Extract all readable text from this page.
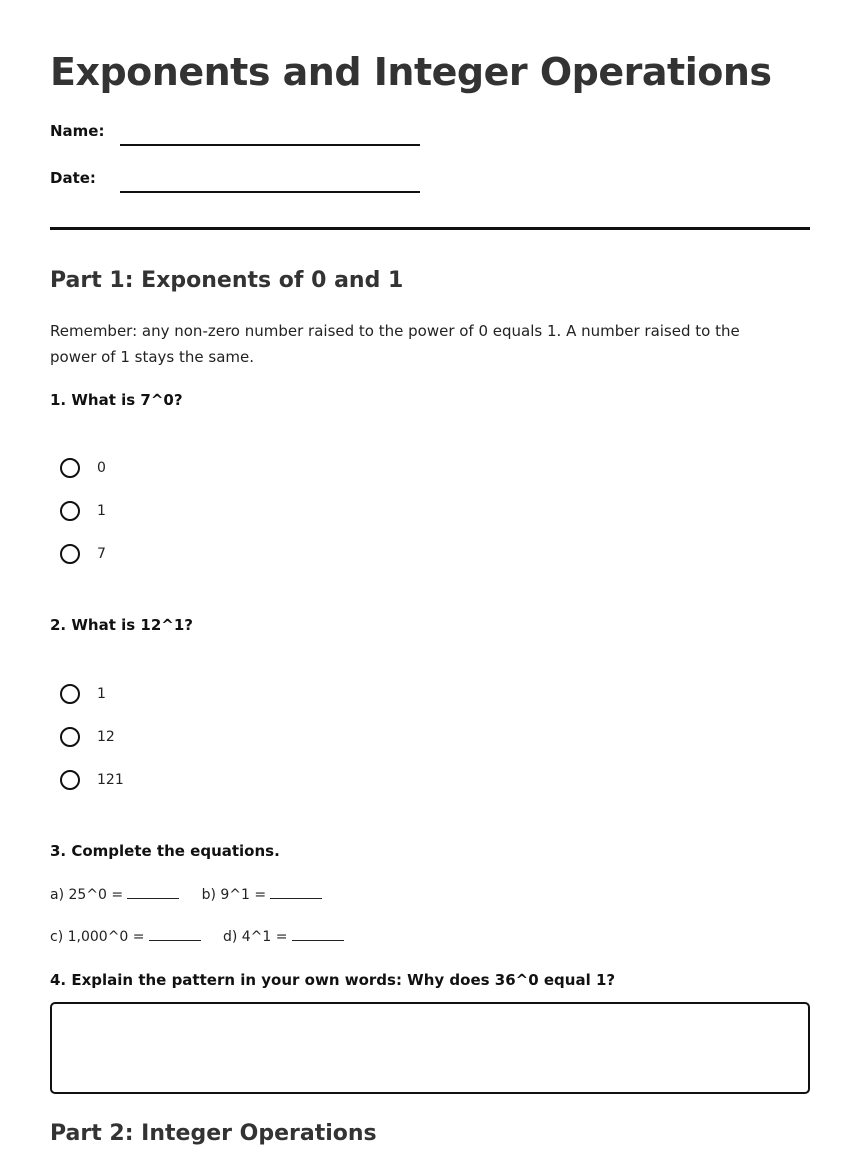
Exponents and Integer Operations
Name:
Date:
Part 1: Exponents of 0 and 1

Remember: any non-zero number raised to the power of 0 equals 1. A number raised to the power of 1 stays the same.

1. What is 7^0?

0
1
7

2. What is 12^1?

1
12
121

3. Complete the equations.

a) 25^0 =	b) 9^1 =
c) 1,000^0 =	d) 4^1 =

4. Explain the pattern in your own words: Why does 36^0 equal 1?

Part 2: Integer Operations
